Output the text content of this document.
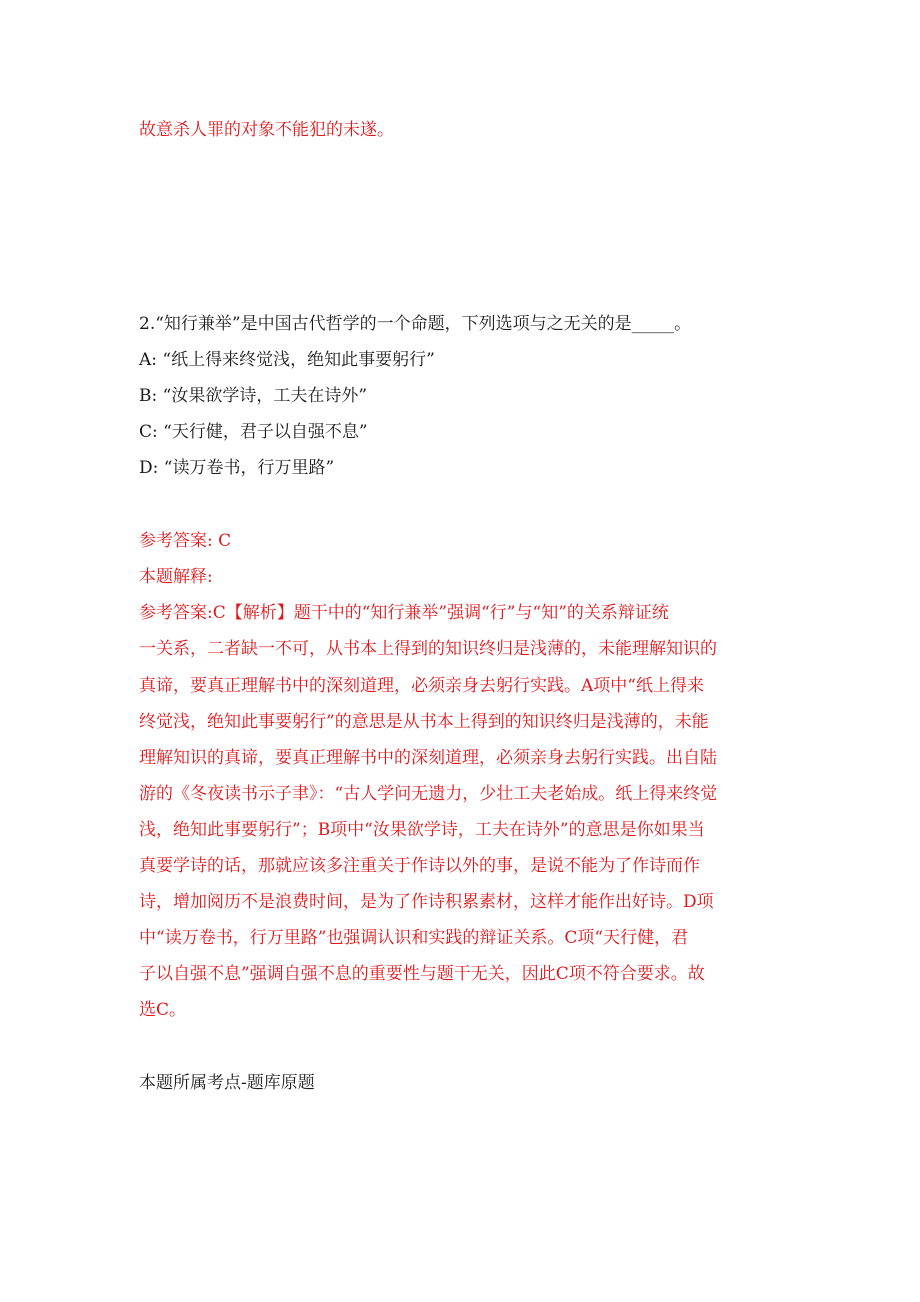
故意杀人罪的对象不能犯的未遂。

2.“知行兼举”是中国古代哲学的一个命题，下列选项与之无关的是_____。

A: “纸上得来终觉浅，绝知此事要躬行”

B: “汝果欲学诗，工夫在诗外”

C: “天行健，君子以自强不息”

D: “读万卷书，行万里路”

参考答案: C

本题解释:

参考答案:C【解析】题干中的“知行兼举”强调“行”与“知”的关系辩证统

一关系，二者缺一不可，从书本上得到的知识终归是浅薄的，未能理解知识的

真谛，要真正理解书中的深刻道理，必须亲身去躬行实践。A项中“纸上得来

终觉浅，绝知此事要躬行”的意思是从书本上得到的知识终归是浅薄的，未能

理解知识的真谛，要真正理解书中的深刻道理，必须亲身去躬行实践。出自陆

游的《冬夜读书示子聿》：“古人学问无遗力，少壮工夫老始成。纸上得来终觉

浅，绝知此事要躬行”；B项中“汝果欲学诗，工夫在诗外”的意思是你如果当

真要学诗的话，那就应该多注重关于作诗以外的事，是说不能为了作诗而作

诗，增加阅历不是浪费时间，是为了作诗积累素材，这样才能作出好诗。D项

中“读万卷书，行万里路”也强调认识和实践的辩证关系。C项“天行健，君

子以自强不息”强调自强不息的重要性与题干无关，因此C项不符合要求。故

选C。

本题所属考点-题库原题
